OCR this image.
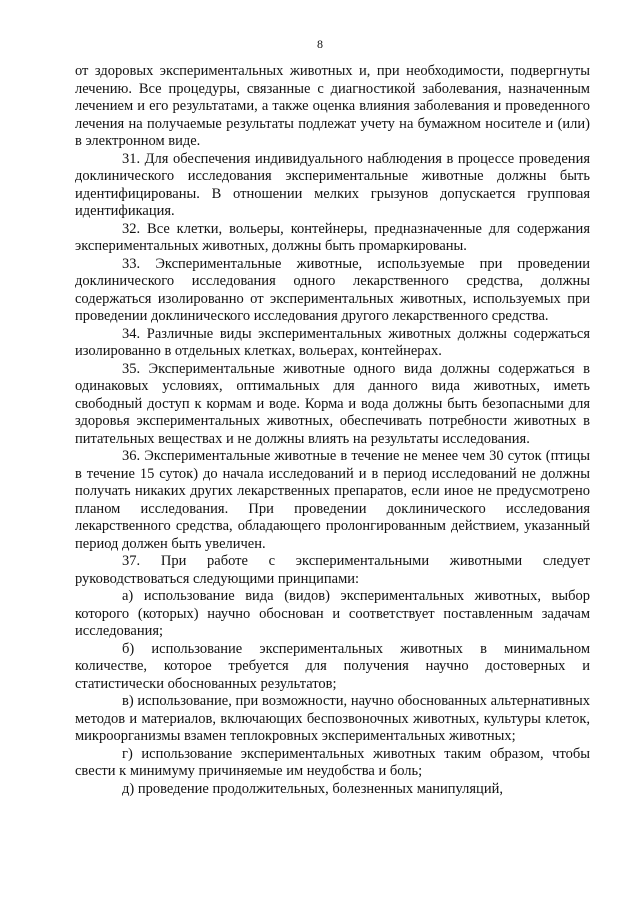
8

от здоровых экспериментальных животных и, при необходимости, подвергнуты лечению. Все процедуры, связанные с диагностикой заболевания, назначенным лечением и его результатами, а также оценка влияния заболевания и проведенного лечения на получаемые результаты подлежат учету на бумажном носителе и (или) в электронном виде.

31. Для обеспечения индивидуального наблюдения в процессе проведения доклинического исследования экспериментальные животные должны быть идентифицированы. В отношении мелких грызунов допускается групповая идентификация.

32. Все клетки, вольеры, контейнеры, предназначенные для содержания экспериментальных животных, должны быть промаркированы.

33. Экспериментальные животные, используемые при проведении доклинического исследования одного лекарственного средства, должны содержаться изолированно от экспериментальных животных, используемых при проведении доклинического исследования другого лекарственного средства.

34. Различные виды экспериментальных животных должны содержаться изолированно в отдельных клетках, вольерах, контейнерах.

35. Экспериментальные животные одного вида должны содержаться в одинаковых условиях, оптимальных для данного вида животных, иметь свободный доступ к кормам и воде. Корма и вода должны быть безопасными для здоровья экспериментальных животных, обеспечивать потребности животных в питательных веществах и не должны влиять на результаты исследования.

36. Экспериментальные животные в течение не менее чем 30 суток (птицы в течение 15 суток) до начала исследований и в период исследований не должны получать никаких других лекарственных препаратов, если иное не предусмотрено планом исследования. При проведении доклинического исследования лекарственного средства, обладающего пролонгированным действием, указанный период должен быть увеличен.

37. При работе с экспериментальными животными следует руководствоваться следующими принципами:

а) использование вида (видов) экспериментальных животных, выбор которого (которых) научно обоснован и соответствует поставленным задачам исследования;

б) использование экспериментальных животных в минимальном количестве, которое требуется для получения научно достоверных и статистически обоснованных результатов;

в) использование, при возможности, научно обоснованных альтернативных методов и материалов, включающих беспозвоночных животных, культуры клеток, микроорганизмы взамен теплокровных экспериментальных животных;

г) использование экспериментальных животных таким образом, чтобы свести к минимуму причиняемые им неудобства и боль;

д) проведение продолжительных, болезненных манипуляций,
